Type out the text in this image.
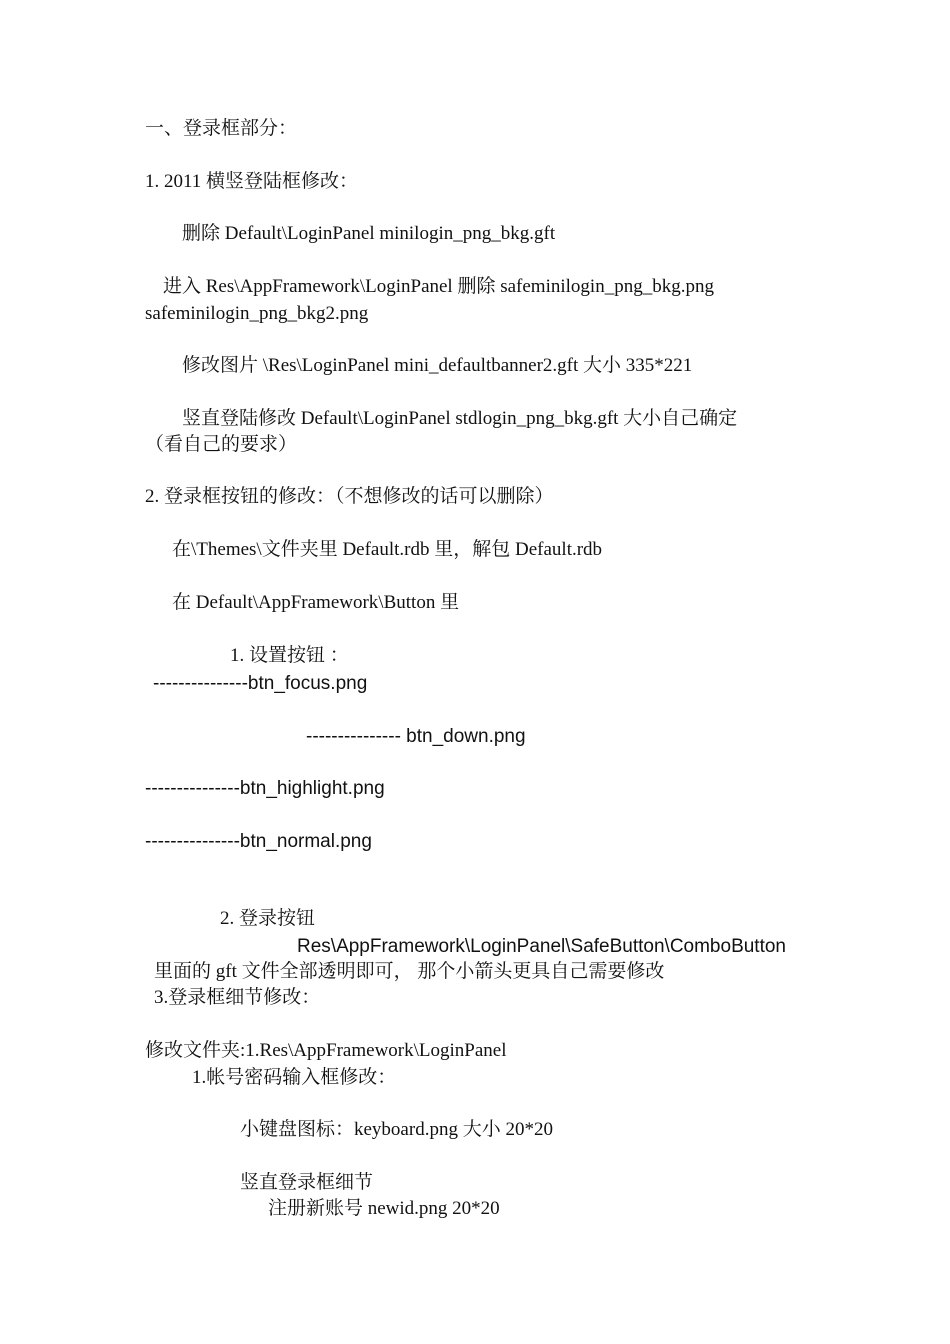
一、登录框部分：
1. 2011 横竖登陆框修改：
删除 Default\LoginPanel minilogin_png_bkg.gft
进入 Res\AppFramework\LoginPanel 删除 safeminilogin_png_bkg.png
safeminilogin_png_bkg2.png
修改图片 \Res\LoginPanel mini_defaultbanner2.gft 大小 335*221
竖直登陆修改 Default\LoginPanel stdlogin_png_bkg.gft 大小自己确定
（看自己的要求）
2. 登录框按钮的修改：（不想修改的话可以删除）
在\Themes\文件夹里 Default.rdb 里，解包 Default.rdb
在 Default\AppFramework\Button 里
1. 设置按钮 ：
---------------btn_focus.png
--------------- btn_down.png
---------------btn_highlight.png
---------------btn_normal.png
2. 登录按钮
Res\AppFramework\LoginPanel\SafeButton\ComboButton
里面的 gft 文件全部透明即可， 那个小箭头更具自己需要修改
3.登录框细节修改：
修改文件夹:1.Res\AppFramework\LoginPanel
1.帐号密码输入框修改：
小键盘图标：keyboard.png 大小 20*20
竖直登录框细节
注册新账号 newid.png 20*20
